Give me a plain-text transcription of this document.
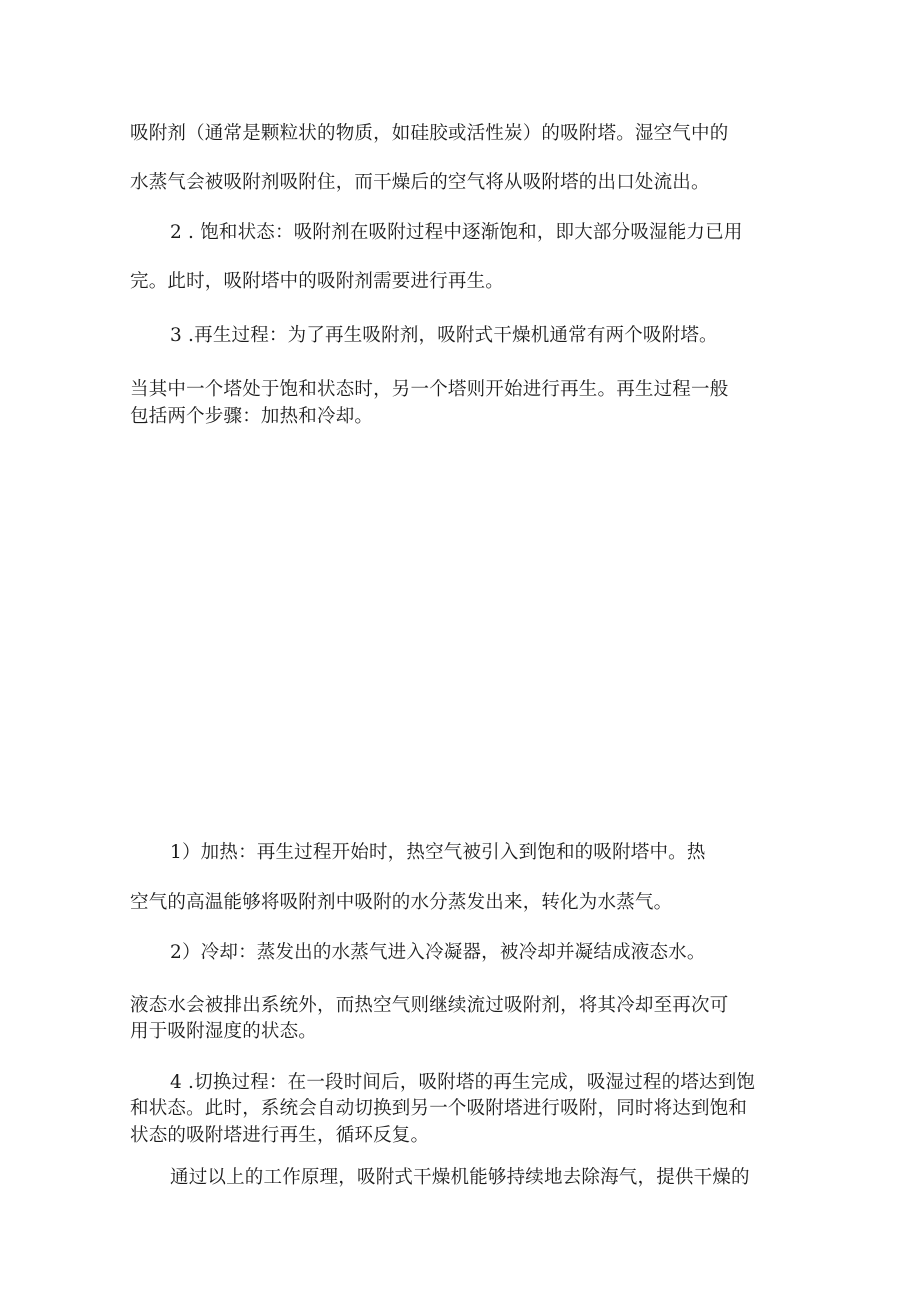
吸附剂（通常是颗粒状的物质，如硅胶或活性炭）的吸附塔。湿空气中的
水蒸气会被吸附剂吸附住，而干燥后的空气将从吸附塔的出口处流出。
2 . 饱和状态：吸附剂在吸附过程中逐渐饱和，即大部分吸湿能力已用
完。此时，吸附塔中的吸附剂需要进行再生。
3 .再生过程：为了再生吸附剂，吸附式干燥机通常有两个吸附塔。
当其中一个塔处于饱和状态时，另一个塔则开始进行再生。再生过程一般
包括两个步骤：加热和冷却。
1）加热：再生过程开始时，热空气被引入到饱和的吸附塔中。热
空气的高温能够将吸附剂中吸附的水分蒸发出来，转化为水蒸气。
2）冷却：蒸发出的水蒸气进入冷凝器，被冷却并凝结成液态水。
液态水会被排出系统外，而热空气则继续流过吸附剂，将其冷却至再次可
用于吸附湿度的状态。
4 .切换过程：在一段时间后，吸附塔的再生完成，吸湿过程的塔达到饱
和状态。此时，系统会自动切换到另一个吸附塔进行吸附，同时将达到饱和
状态的吸附塔进行再生，循环反复。
通过以上的工作原理，吸附式干燥机能够持续地去除海气，提供干燥的
